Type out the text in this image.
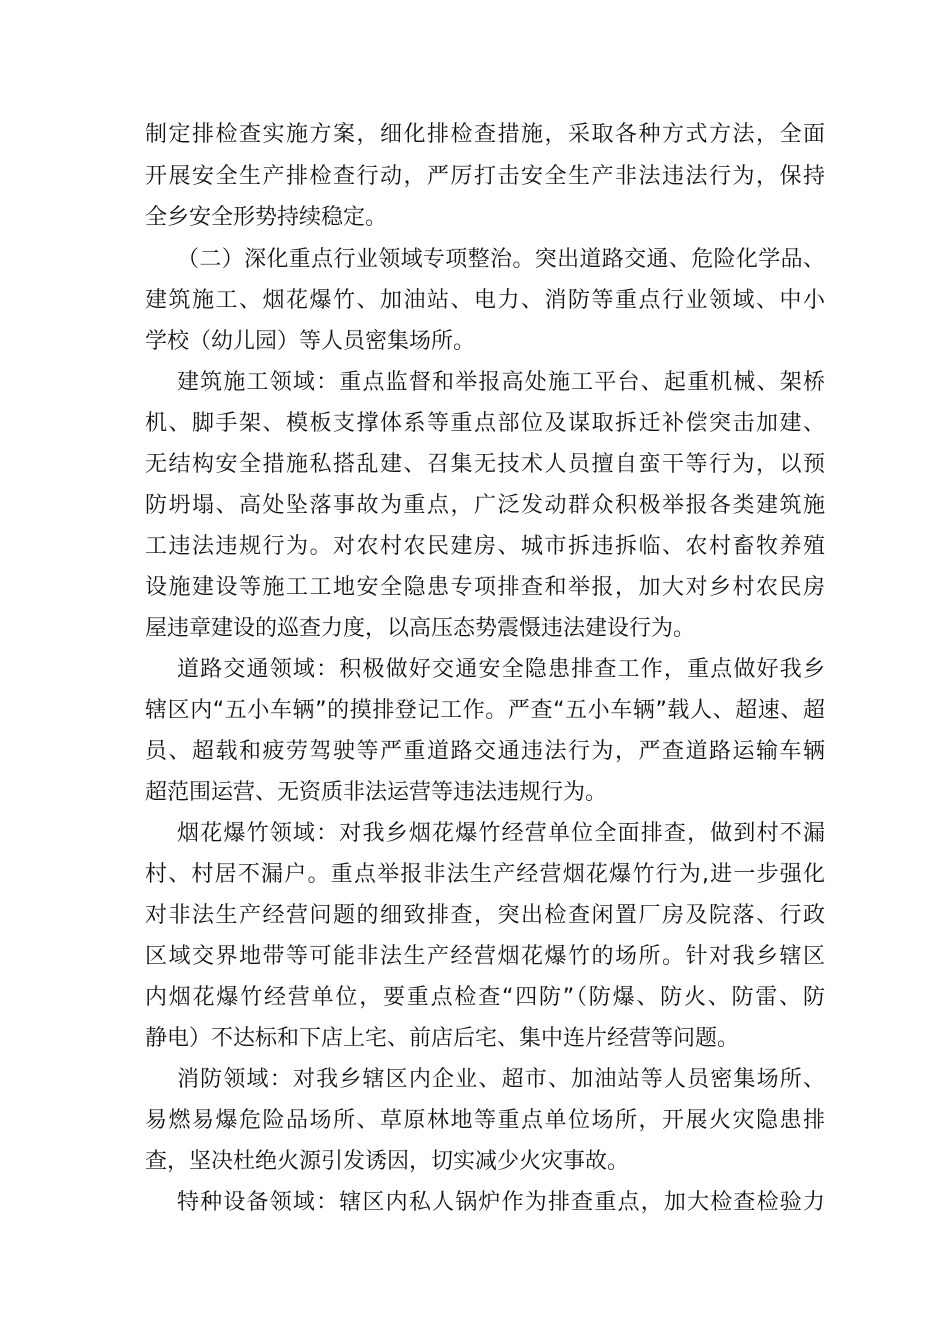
制定排检查实施方案，细化排检查措施，采取各种方式方法，全面
开展安全生产排检查行动，严厉打击安全生产非法违法行为，保持
全乡安全形势持续稳定。
（二）深化重点行业领域专项整治。突出道路交通、危险化学品、
建筑施工、烟花爆竹、加油站、电力、消防等重点行业领域、中小
学校（幼儿园）等人员密集场所。
建筑施工领域：重点监督和举报高处施工平台、起重机械、架桥
机、脚手架、模板支撑体系等重点部位及谋取拆迁补偿突击加建、
无结构安全措施私搭乱建、召集无技术人员擅自蛮干等行为，以预
防坍塌、高处坠落事故为重点，广泛发动群众积极举报各类建筑施
工违法违规行为。对农村农民建房、城市拆违拆临、农村畜牧养殖
设施建设等施工工地安全隐患专项排查和举报，加大对乡村农民房
屋违章建设的巡查力度，以高压态势震慑违法建设行为。
道路交通领域：积极做好交通安全隐患排查工作，重点做好我乡
辖区内“五小车辆”的摸排登记工作。严查“五小车辆”载人、超速、超
员、超载和疲劳驾驶等严重道路交通违法行为，严查道路运输车辆
超范围运营、无资质非法运营等违法违规行为。
烟花爆竹领域：对我乡烟花爆竹经营单位全面排查，做到村不漏
村、村居不漏户。重点举报非法生产经营烟花爆竹行为,进一步强化
对非法生产经营问题的细致排查，突出检查闲置厂房及院落、行政
区域交界地带等可能非法生产经营烟花爆竹的场所。针对我乡辖区
内烟花爆竹经营单位，要重点检查“四防”（防爆、防火、防雷、防
静电）不达标和下店上宅、前店后宅、集中连片经营等问题。
消防领域：对我乡辖区内企业、超市、加油站等人员密集场所、
易燃易爆危险品场所、草原林地等重点单位场所，开展火灾隐患排
查，坚决杜绝火源引发诱因，切实减少火灾事故。
特种设备领域：辖区内私人锅炉作为排查重点，加大检查检验力
